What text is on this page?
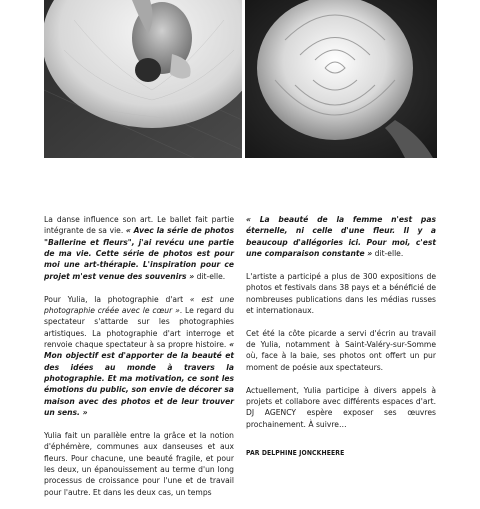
La danse influence son art. Le ballet fait partie intégrante de sa vie. « Avec la série de photos "Ballerine et fleurs", j'ai revécu une partie de ma vie. Cette série de photos est pour moi une art-thérapie. L'inspiration pour ce projet m'est venue des souvenirs » dit-elle.

Pour Yulia, la photographie d'art « est une photographie créée avec le cœur ». Le regard du spectateur s'attarde sur les photographies artistiques. La photographie d'art interroge et renvoie chaque spectateur à sa propre histoire. « Mon objectif est d'apporter de la beauté et des idées au monde à travers la photographie. Et ma motivation, ce sont les émotions du public, son envie de décorer sa maison avec des photos et de leur trouver un sens. »

Yulia fait un parallèle entre la grâce et la notion d'éphémère, communes aux danseuses et aux fleurs. Pour chacune, une beauté fragile, et pour les deux, un épanouissement au terme d'un long processus de croissance pour l'une et de travail pour l'autre. Et dans les deux cas, un temps

« La beauté de la femme n'est pas éternelle, ni celle d'une fleur. Il y a beaucoup d'allégories ici. Pour moi, c'est une comparaison constante » dit-elle.

L'artiste a participé a plus de 300 expositions de photos et festivals dans 38 pays et a bénéficié de nombreuses publications dans les médias russes et internationaux.

Cet été la côte picarde a servi d'écrin au travail de Yulia, notamment à Saint-Valéry-sur-Somme où, face à la baie, ses photos ont offert un pur moment de poésie aux spectateurs.

Actuellement, Yulia participe à divers appels à projets et collabore avec différents espaces d'art. DJ AGENCY espère exposer ses œuvres prochainement. À suivre…

PAR DELPHINE JONCKHEERE
